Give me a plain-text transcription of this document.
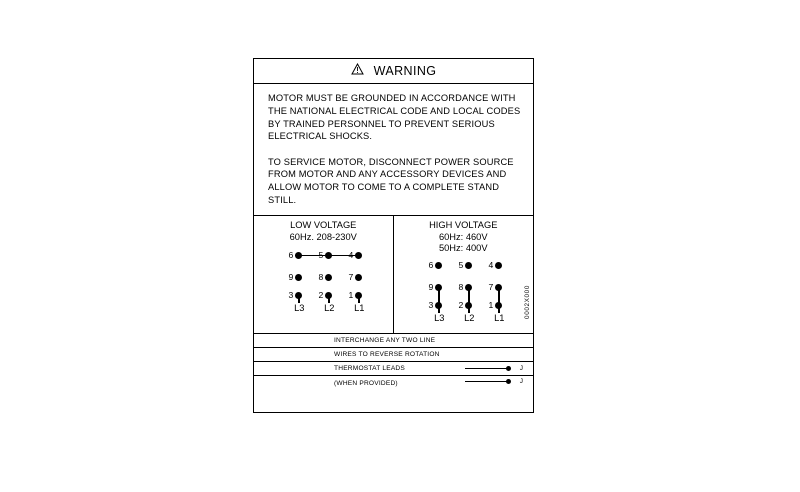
WARNING

MOTOR MUST BE GROUNDED IN ACCORDANCE WITH THE NATIONAL ELECTRICAL CODE AND LOCAL CODES BY TRAINED PERSONNEL TO PREVENT SERIOUS ELECTRICAL SHOCKS.

TO SERVICE MOTOR, DISCONNECT POWER SOURCE FROM MOTOR AND ANY ACCESSORY DEVICES AND ALLOW MOTOR TO COME TO A COMPLETE STAND STILL.

LOW VOLTAGE
60Hz. 208-230V
6	5	4
9	8	7
3	2	1
L3	L2	L1
HIGH VOLTAGE
60Hz: 460V
50Hz: 400V
6	5	4
9	8	7
3	2	1
L3	L2	L1	0002X000
INTERCHANGE ANY TWO LINE
WIRES TO REVERSE ROTATION
THERMOSTAT LEADS	J
(WHEN PROVIDED)	J
